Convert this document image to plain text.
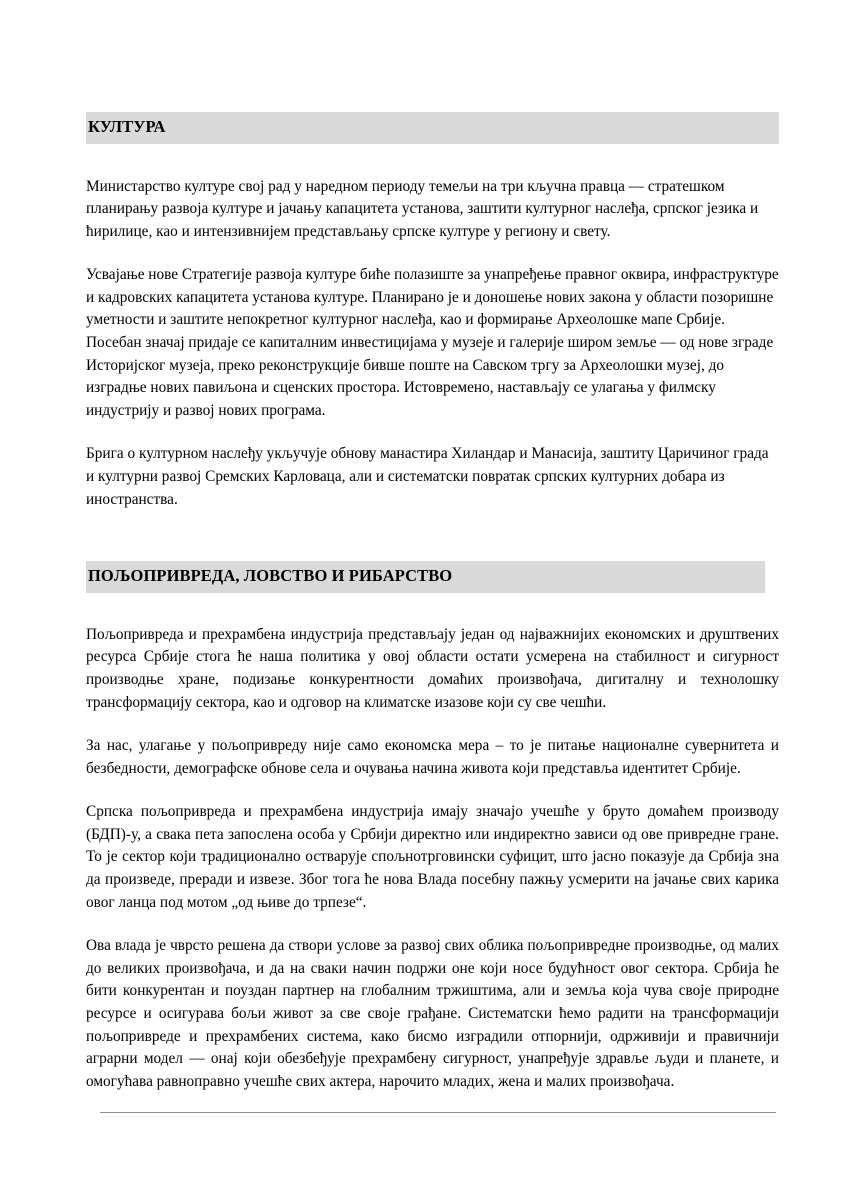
КУЛТУРА

Министарство културе свој рад у наредном периоду темељи на три кључна правца — стратешком планирању развоја културе и јачању капацитета установа, заштити културног наслеђа, српског језика и ћирилице, као и интензивнијем представљању српске културе у региону и свету.

Усвајање нове Стратегије развоја културе биће полазиште за унапређење правног оквира, инфраструктуре и кадровских капацитета установа културе. Планирано је и доношење нових закона у области позоришне уметности и заштите непокретног културног наслеђа, као и формирање Археолошке мапе Србије. Посебан значај придаје се капиталним инвестицијама у музеје и галерије широм земље — од нове зграде Историјског музеја, преко реконструкције бивше поште на Савском тргу за Археолошки музеј, до изградње нових павиљона и сценских простора. Истовремено, настављају се улагања у филмску индустрију и развој нових програма.

Брига о културном наслеђу укључује обнову манастира Хиландар и Манасија, заштиту Царичиног града и културни развој Сремских Карловаца, али и систематски повратак српских културних добара из иностранства.

ПОЉОПРИВРЕДА, ЛОВСТВО И РИБАРСТВО

Пољопривреда и прехрамбена индустрија представљају један од најважнијих економских и друштвених ресурса Србије стога ће наша политика у овој области остати усмерена на стабилност и сигурност производње хране, подизање конкурентности домаћих произвођача, дигиталну и технолошку трансформацију сектора, као и одговор на климатске изазове који су све чешћи.

За нас, улагање у пољопривреду није само економска мера – то је питање националне сувернитета и безбедности, демографске обнове села и очувања начина живота који представља идентитет Србије.

Српска пољопривреда и прехрамбена индустрија имају значајо учешће у бруто домаћем производу (БДП)-у, а свака пета запослена особа у Србији директно или индиректно зависи од ове привредне гране. То је сектор који традиционално остварује спољнотрговински суфицит, што јасно показује да Србија зна да произведе, преради и извезе. Због тога ће нова Влада посебну пажњу усмерити на јачање свих карика овог ланца под мотом „од њиве до трпезе“.

Ова влада је чврсто решена да створи услове за развој свих облика пољопривредне производње, од малих до великих произвођача, и да на сваки начин подржи оне који носе будућност овог сектора. Србија ће бити конкурентан и поуздан партнер на глобалним тржиштима, али и земља која чува своје природне ресурсе и осигурава бољи живот за све своје грађане. Систематски ћемо радити на трансформацији пољопривреде и прехрамбених система, како бисмо изградили отпорнији, одрживији и правичнији аграрни модел — онај који обезбеђује прехрамбену сигурност, унапређује здравље људи и планете, и омогућава равноправно учешће свих актера, нарочито младих, жена и малих произвођача.
